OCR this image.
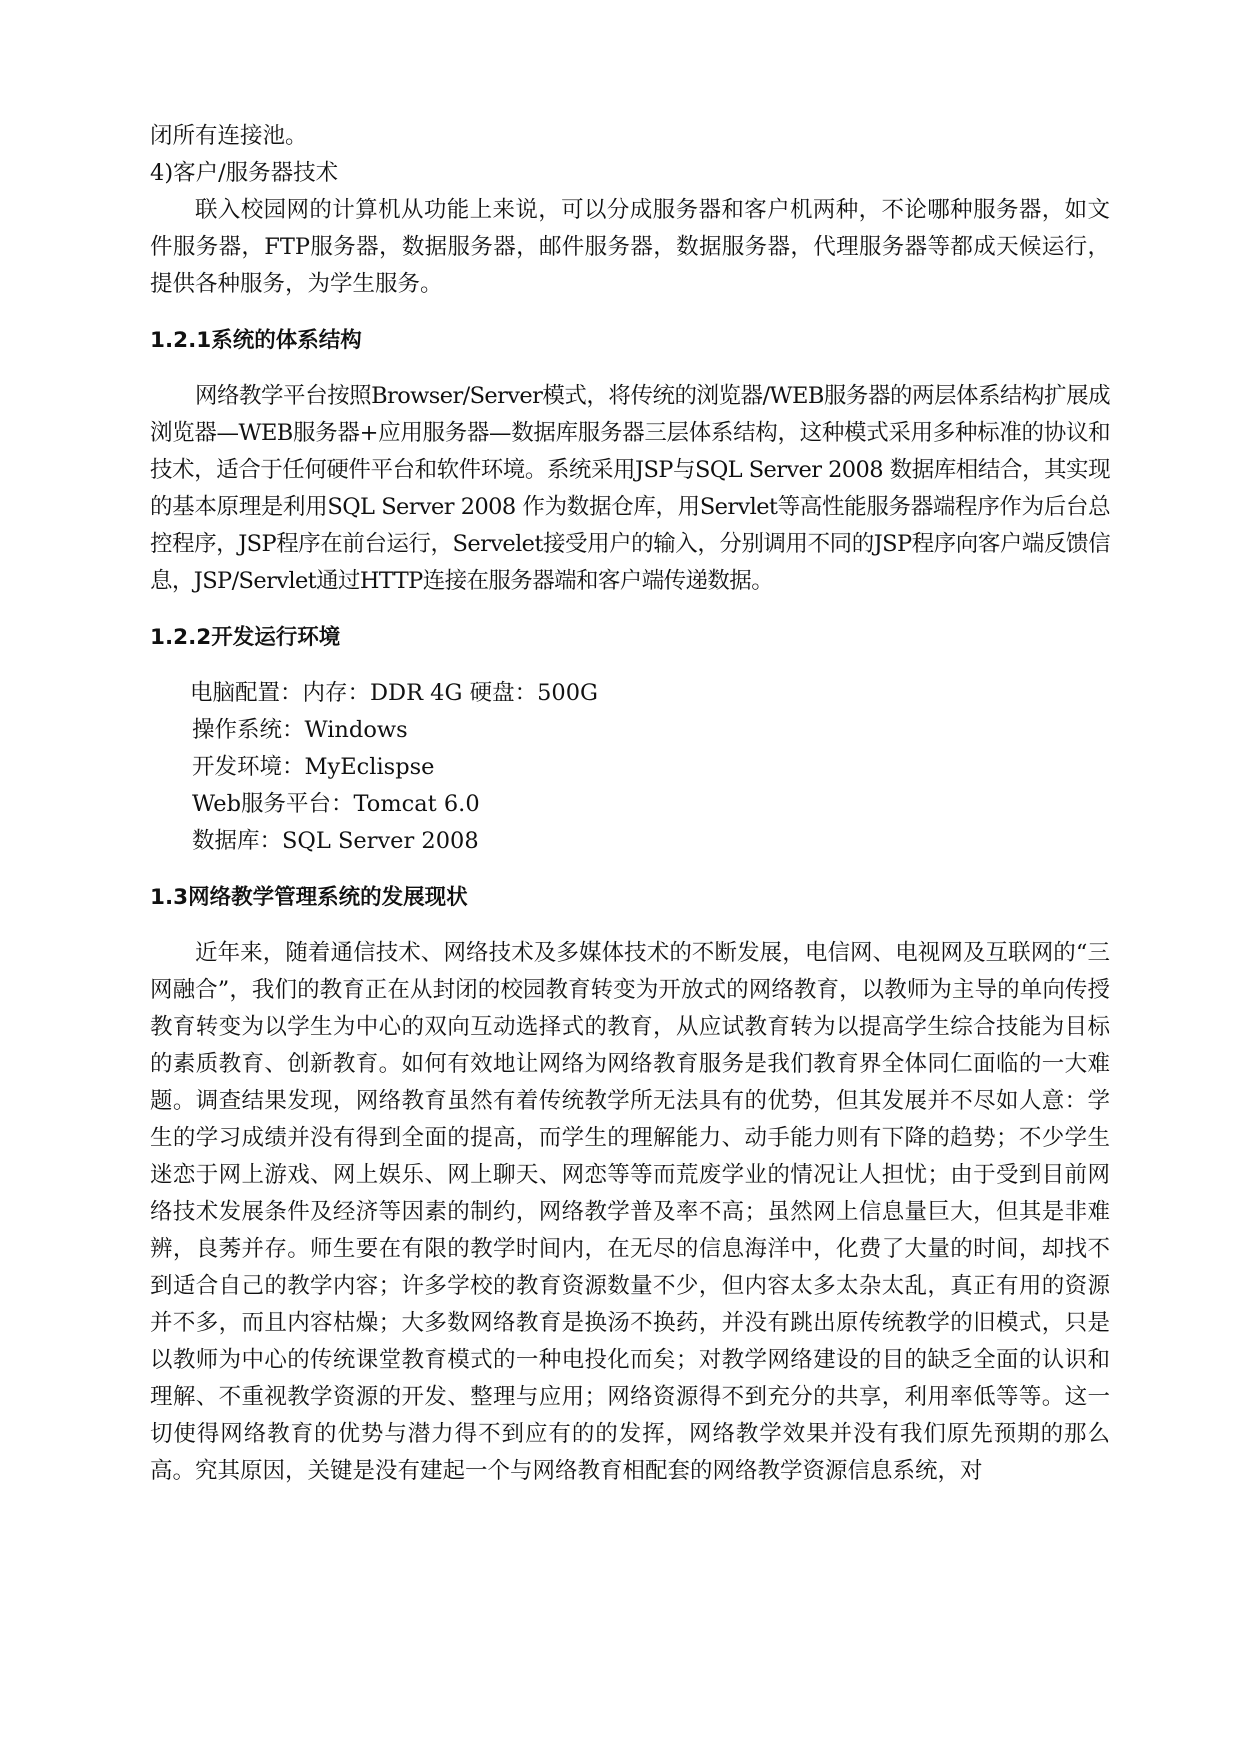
闭所有连接池。

4)客户/服务器技术

联入校园网的计算机从功能上来说，可以分成服务器和客户机两种，不论哪种服务器，如文件服务器，FTP服务器，数据服务器，邮件服务器，数据服务器，代理服务器等都成天候运行，提供各种服务，为学生服务。

1.2.1系统的体系结构

网络教学平台按照Browser/Server模式，将传统的浏览器/WEB服务器的两层体系结构扩展成浏览器—WEB服务器+应用服务器—数据库服务器三层体系结构，这种模式采用多种标准的协议和技术，适合于任何硬件平台和软件环境。系统采用JSP与SQL Server 2008 数据库相结合，其实现的基本原理是利用SQL Server 2008 作为数据仓库，用Servlet等高性能服务器端程序作为后台总控程序，JSP程序在前台运行，Servelet接受用户的输入，分别调用不同的JSP程序向客户端反馈信息，JSP/Servlet通过HTTP连接在服务器端和客户端传递数据。

1.2.2开发运行环境
电脑配置：内存：DDR 4G 硬盘：500G
操作系统：Windows
开发环境：MyEclispse
Web服务平台：Tomcat 6.0
数据库：SQL Server 2008
1.3网络教学管理系统的发展现状

近年来，随着通信技术、网络技术及多媒体技术的不断发展，电信网、电视网及互联网的“三网融合”，我们的教育正在从封闭的校园教育转变为开放式的网络教育，以教师为主导的单向传授教育转变为以学生为中心的双向互动选择式的教育，从应试教育转为以提高学生综合技能为目标的素质教育、创新教育。如何有效地让网络为网络教育服务是我们教育界全体同仁面临的一大难题。调查结果发现，网络教育虽然有着传统教学所无法具有的优势，但其发展并不尽如人意：学生的学习成绩并没有得到全面的提高，而学生的理解能力、动手能力则有下降的趋势；不少学生迷恋于网上游戏、网上娱乐、网上聊天、网恋等等而荒废学业的情况让人担忧；由于受到目前网络技术发展条件及经济等因素的制约，网络教学普及率不高；虽然网上信息量巨大，但其是非难辨，良莠并存。师生要在有限的教学时间内，在无尽的信息海洋中，化费了大量的时间，却找不到适合自己的教学内容；许多学校的教育资源数量不少，但内容太多太杂太乱，真正有用的资源并不多，而且内容枯燥；大多数网络教育是换汤不换药，并没有跳出原传统教学的旧模式，只是以教师为中心的传统课堂教育模式的一种电投化而矣；对教学网络建设的目的缺乏全面的认识和理解、不重视教学资源的开发、整理与应用；网络资源得不到充分的共享，利用率低等等。这一切使得网络教育的优势与潜力得不到应有的的发挥，网络教学效果并没有我们原先预期的那么高。究其原因，关键是没有建起一个与网络教育相配套的网络教学资源信息系统，对
